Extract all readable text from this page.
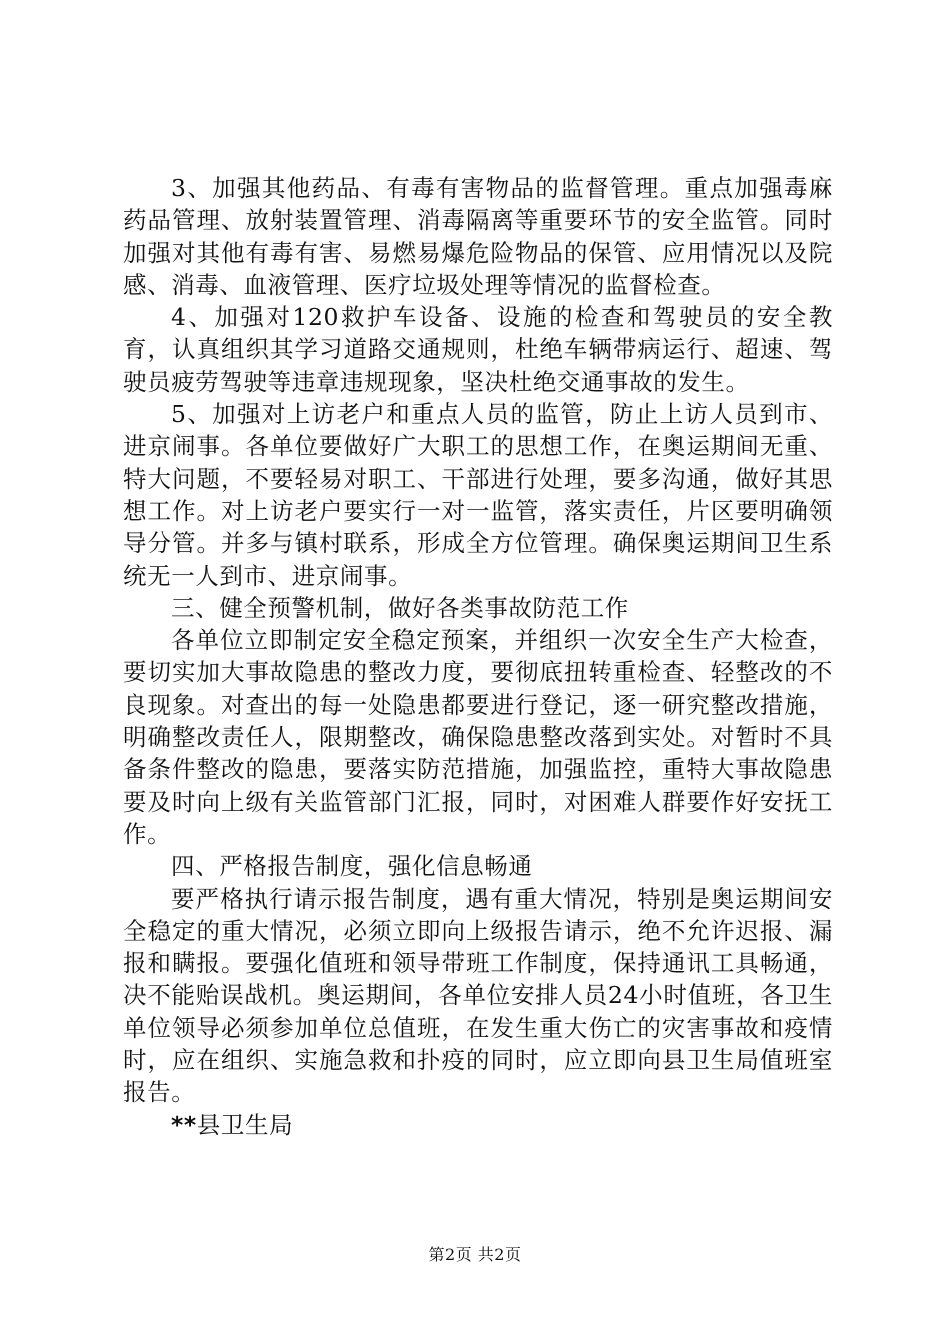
3、加强其他药品、有毒有害物品的监督管理。重点加强毒麻药品管理、放射装置管理、消毒隔离等重要环节的安全监管。同时加强对其他有毒有害、易燃易爆危险物品的保管、应用情况以及院感、消毒、血液管理、医疗垃圾处理等情况的监督检查。

4、加强对120救护车设备、设施的检查和驾驶员的安全教育，认真组织其学习道路交通规则，杜绝车辆带病运行、超速、驾驶员疲劳驾驶等违章违规现象，坚决杜绝交通事故的发生。

5、加强对上访老户和重点人员的监管，防止上访人员到市、进京闹事。各单位要做好广大职工的思想工作，在奥运期间无重、特大问题，不要轻易对职工、干部进行处理，要多沟通，做好其思想工作。对上访老户要实行一对一监管，落实责任，片区要明确领导分管。并多与镇村联系，形成全方位管理。确保奥运期间卫生系统无一人到市、进京闹事。

三、健全预警机制，做好各类事故防范工作

各单位立即制定安全稳定预案，并组织一次安全生产大检查，要切实加大事故隐患的整改力度，要彻底扭转重检查、轻整改的不良现象。对查出的每一处隐患都要进行登记，逐一研究整改措施，明确整改责任人，限期整改，确保隐患整改落到实处。对暂时不具备条件整改的隐患，要落实防范措施，加强监控，重特大事故隐患要及时向上级有关监管部门汇报，同时，对困难人群要作好安抚工作。

四、严格报告制度，强化信息畅通

要严格执行请示报告制度，遇有重大情况，特别是奥运期间安全稳定的重大情况，必须立即向上级报告请示，绝不允许迟报、漏报和瞒报。要强化值班和领导带班工作制度，保持通讯工具畅通，决不能贻误战机。奥运期间，各单位安排人员24小时值班，各卫生单位领导必须参加单位总值班，在发生重大伤亡的灾害事故和疫情时，应在组织、实施急救和扑疫的同时，应立即向县卫生局值班室报告。

**县卫生局

第2页 共2页
